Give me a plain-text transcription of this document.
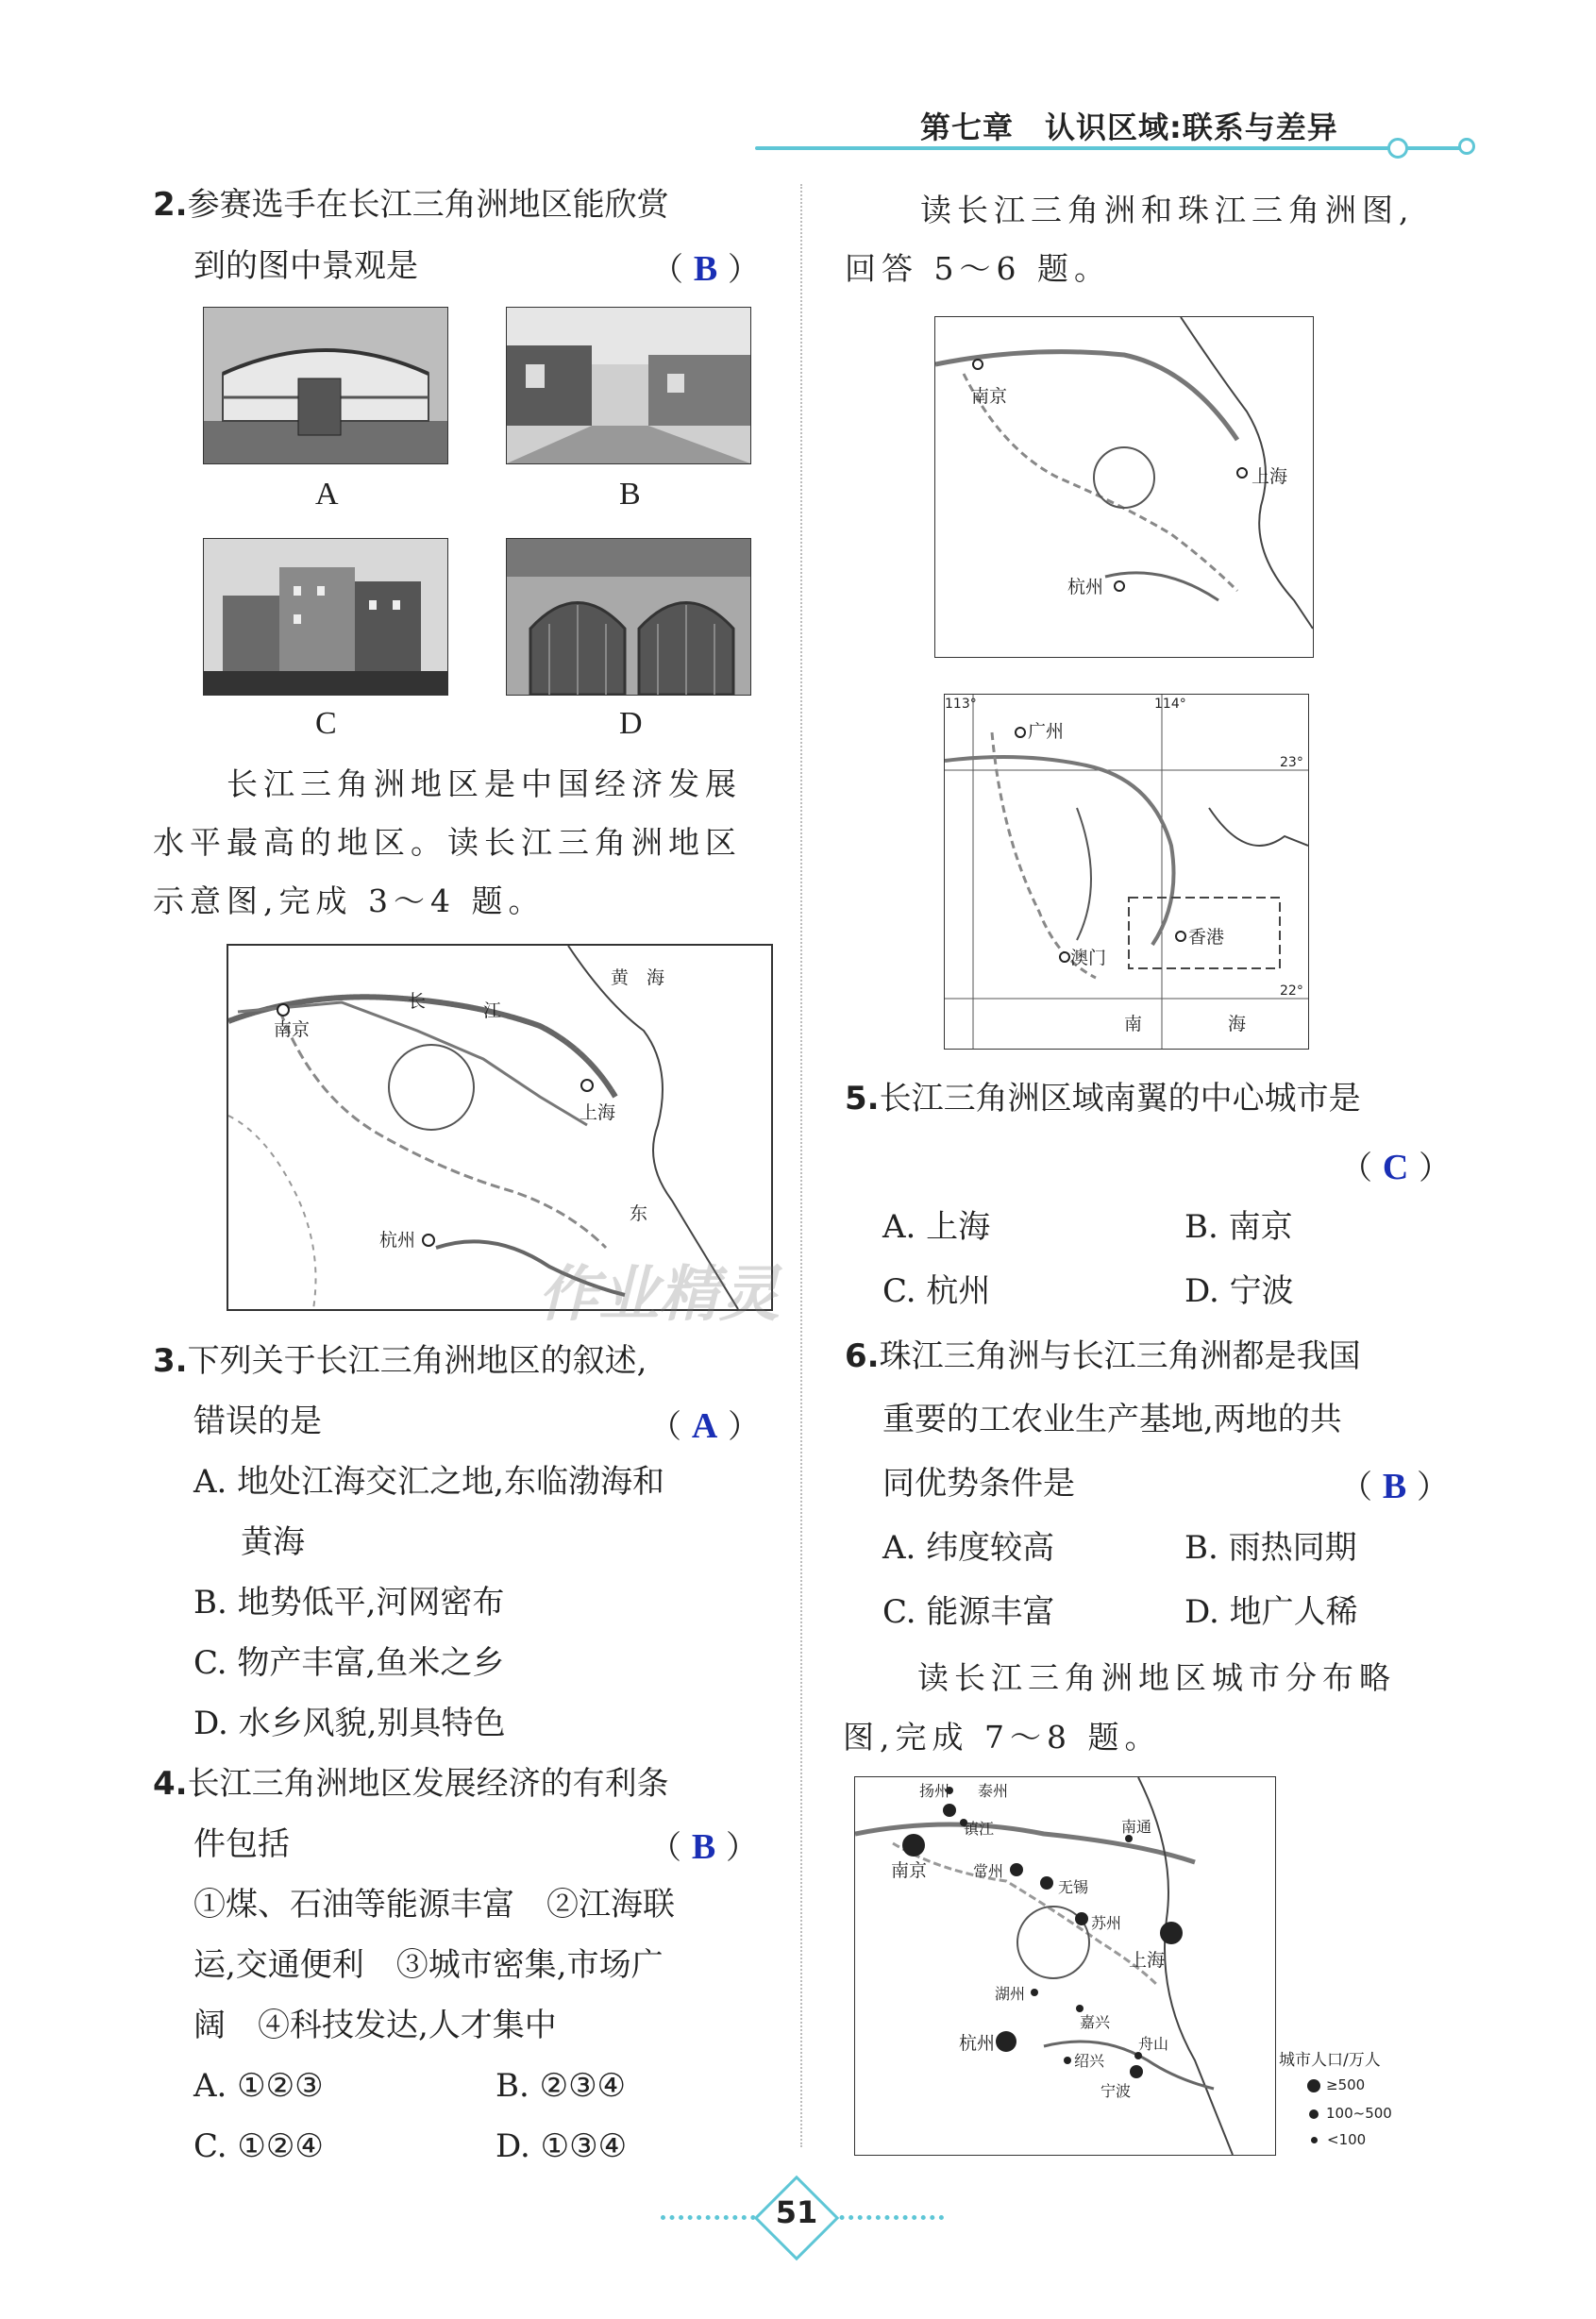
第七章　认识区域:联系与差异
2.参赛选手在长江三角洲地区能欣赏
到的图中景观是	（ B ）
A	B
C	D
长江三角洲地区是中国经济发展
水平最高的地区。读长江三角洲地区
示意图,完成 3～4 题。
南京
上海
杭州
黄　海
长	江
东
作业精灵
3.下列关于长江三角洲地区的叙述,
错误的是	（ A ）
A. 地处江海交汇之地,东临渤海和
黄海
B. 地势低平,河网密布
C. 物产丰富,鱼米之乡
D. 水乡风貌,别具特色
4.长江三角洲地区发展经济的有利条
件包括	（ B ）
①煤、石油等能源丰富　②江海联
运,交通便利　③城市密集,市场广
阔　④科技发达,人才集中
A. ①②③	B. ②③④
C. ①②④	D. ①③④
读长江三角洲和珠江三角洲图,
回答 5～6 题。
南京
上海
杭州
113°	114°
广州
23°
22°
澳门
香港
南	海
5.长江三角洲区域南翼的中心城市是
（ C ）
A. 上海	B. 南京
C. 杭州	D. 宁波
6.珠江三角洲与长江三角洲都是我国
重要的工农业生产基地,两地的共
同优势条件是	（ B ）
A. 纬度较高	B. 雨热同期
C. 能源丰富	D. 地广人稀
读长江三角洲地区城市分布略
图,完成 7～8 题。
扬州 泰州
镇江
南京
南通
常州
无锡
苏州
上海
湖州
嘉兴
杭州
绍兴
舟山
宁波
城市人口/万人
≥500
100~500
<100
51
